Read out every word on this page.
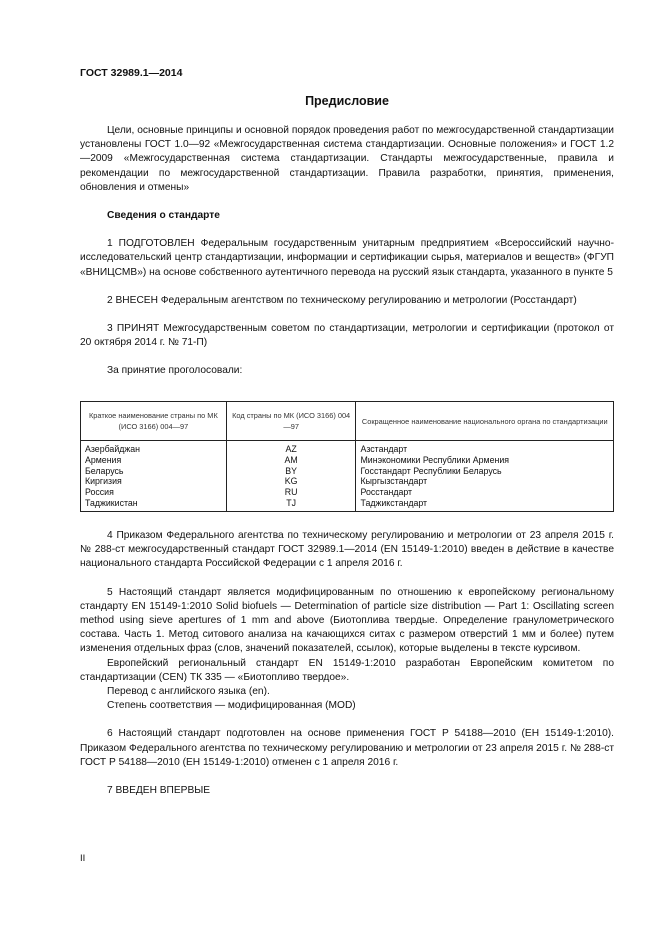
ГОСТ 32989.1—2014
Предисловие

Цели, основные принципы и основной порядок проведения работ по межгосударственной стандартизации установлены ГОСТ 1.0—92 «Межгосударственная система стандартизации. Основные положения» и ГОСТ 1.2—2009 «Межгосударственная система стандартизации. Стандарты межгосударственные, правила и рекомендации по межгосударственной стандартизации. Правила разработки, принятия, применения, обновления и отмены»

Сведения о стандарте

1 ПОДГОТОВЛЕН Федеральным государственным унитарным предприятием «Всероссийский научно-исследовательский центр стандартизации, информации и сертификации сырья, материалов и веществ» (ФГУП «ВНИЦСМВ») на основе собственного аутентичного перевода на русский язык стандарта, указанного в пункте 5

2 ВНЕСЕН Федеральным агентством по техническому регулированию и метрологии (Росстандарт)

3 ПРИНЯТ Межгосударственным советом по стандартизации, метрологии и сертификации (протокол от 20 октября 2014 г. № 71-П)

За принятие проголосовали:

Краткое наименование страны по МК (ИСО 3166) 004—97	Код страны по МК (ИСО 3166) 004—97	Сокращенное наименование национального органа по стандартизации
Азербайджан	AZ	Азстандарт
Армения	AM	Минэкономики Республики Армения
Беларусь	BY	Госстандарт Республики Беларусь
Киргизия	KG	Кыргызстандарт
Россия	RU	Росстандарт
Таджикистан	TJ	Таджикстандарт

4 Приказом Федерального агентства по техническому регулированию и метрологии от 23 апреля 2015 г. № 288-ст межгосударственный стандарт ГОСТ 32989.1—2014 (EN 15149-1:2010) введен в действие в качестве национального стандарта Российской Федерации с 1 апреля 2016 г.

5 Настоящий стандарт является модифицированным по отношению к европейскому региональному стандарту EN 15149-1:2010 Solid biofuels — Determination of particle size distribution — Part 1: Oscillating screen method using sieve apertures of 1 mm and above (Биотоплива твердые. Определение гранулометрического состава. Часть 1. Метод ситового анализа на качающихся ситах с размером отверстий 1 мм и более) путем изменения отдельных фраз (слов, значений показателей, ссылок), которые выделены в тексте курсивом.

Европейский региональный стандарт EN 15149-1:2010 разработан Европейским комитетом по стандартизации (CEN) ТК 335 — «Биотопливо твердое».

Перевод с английского языка (en).

Степень соответствия — модифицированная (MOD)

6 Настоящий стандарт подготовлен на основе применения ГОСТ Р 54188—2010 (ЕН 15149-1:2010). Приказом Федерального агентства по техническому регулированию и метрологии от 23 апреля 2015 г. № 288-ст ГОСТ Р 54188—2010 (ЕН 15149-1:2010) отменен с 1 апреля 2016 г.

7 ВВЕДЕН ВПЕРВЫЕ

II
